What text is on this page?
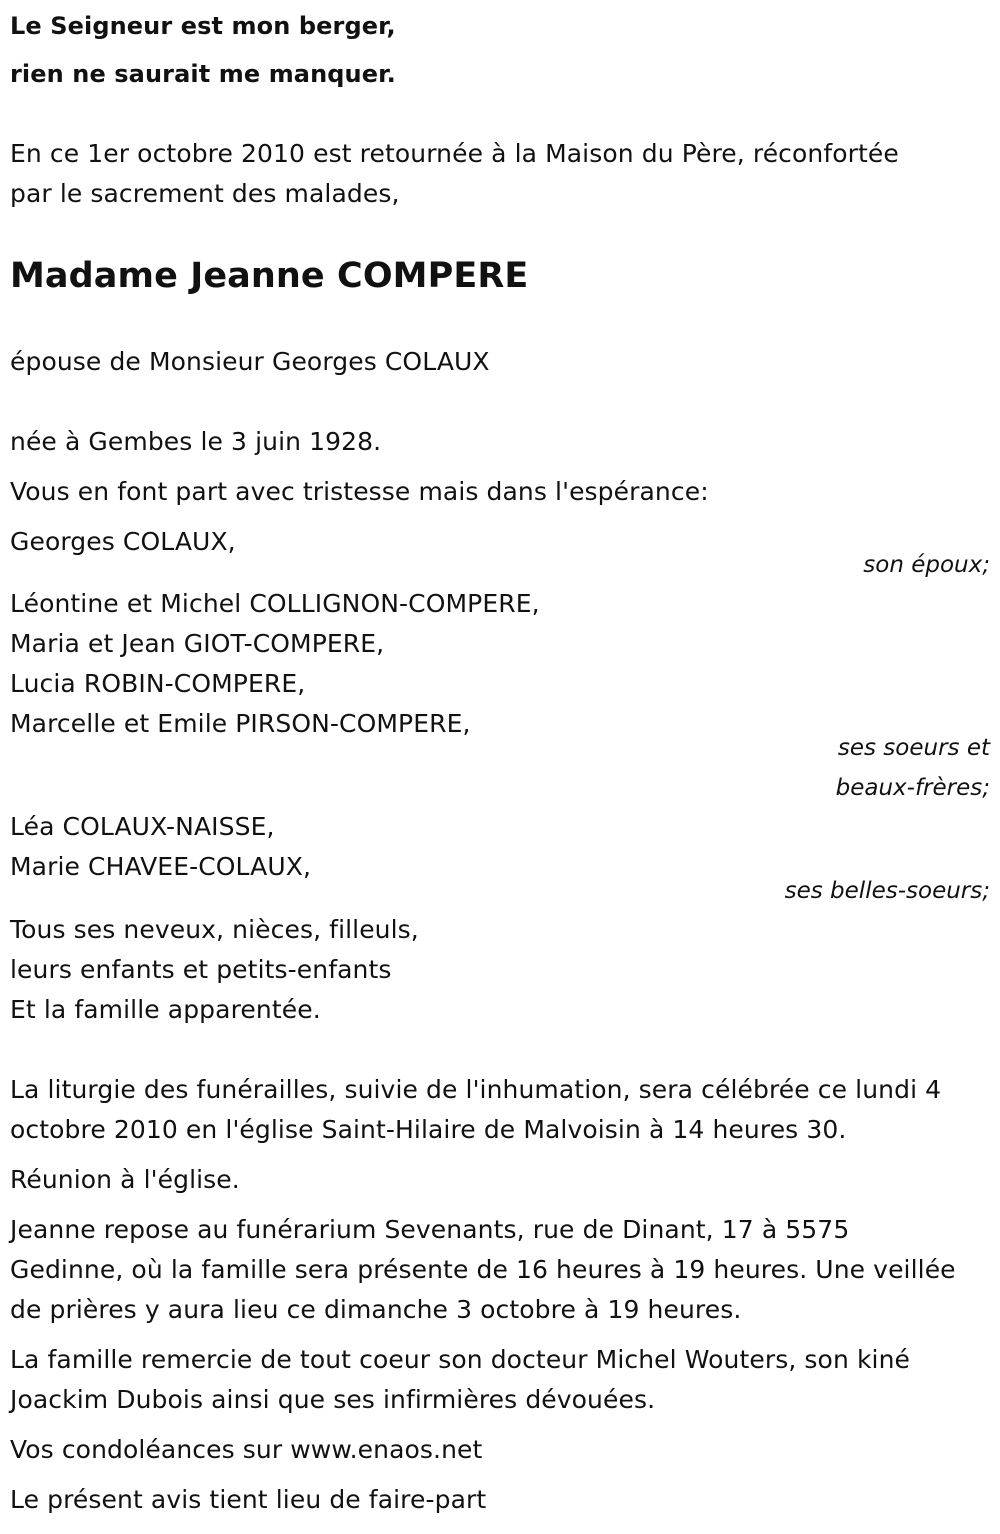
Le Seigneur est mon berger,
rien ne saurait me manquer.
En ce 1er octobre 2010 est retournée à la Maison du Père, réconfortée
par le sacrement des malades,
Madame Jeanne COMPERE
épouse de Monsieur Georges COLAUX
née à Gembes le 3 juin 1928.
Vous en font part avec tristesse mais dans l'espérance:
Georges COLAUX,
son époux;
Léontine et Michel COLLIGNON-COMPERE,
Maria et Jean GIOT-COMPERE,
Lucia ROBIN-COMPERE,
Marcelle et Emile PIRSON-COMPERE,
ses soeurs et
beaux-frères;
Léa COLAUX-NAISSE,
Marie CHAVEE-COLAUX,
ses belles-soeurs;
Tous ses neveux, nièces, filleuls,
leurs enfants et petits-enfants
Et la famille apparentée.
La liturgie des funérailles, suivie de l'inhumation, sera célébrée ce lundi 4
octobre 2010 en l'église Saint-Hilaire de Malvoisin à 14 heures 30.
Réunion à l'église.
Jeanne repose au funérarium Sevenants, rue de Dinant, 17 à 5575
Gedinne, où la famille sera présente de 16 heures à 19 heures. Une veillée
de prières y aura lieu ce dimanche 3 octobre à 19 heures.
La famille remercie de tout coeur son docteur Michel Wouters, son kiné
Joackim Dubois ainsi que ses infirmières dévouées.
Vos condoléances sur www.enaos.net
Le présent avis tient lieu de faire-part
